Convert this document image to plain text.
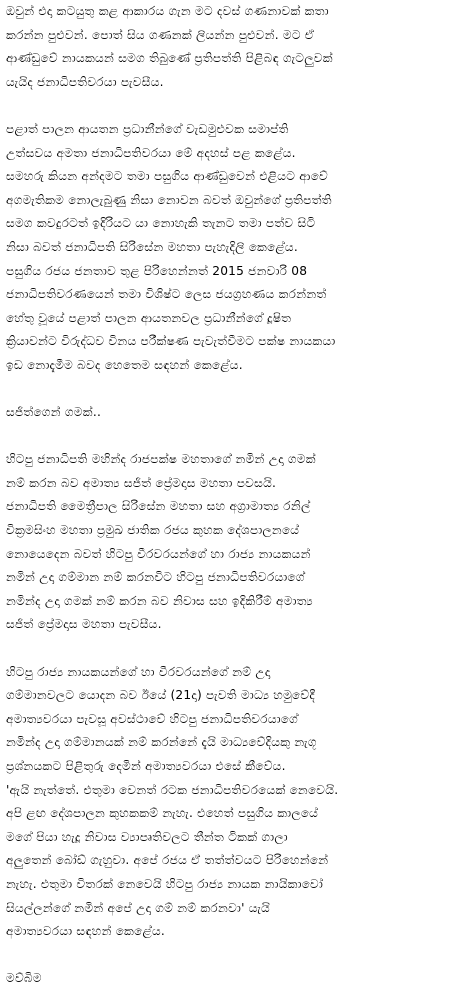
ඔවුන් එදා කටයුතු කළ ආකාරය ගැන මට දවස් ගණනාවක් කතා
කරන්න පුළුවන්. පොත් සිය ගණනක් ලියන්න පුළුවන්. මට ඒ
ආණ්ඩුවේ නායකයන් සමග තිබුණේ ප්‍රතිපත්ති පිළිබඳ ගැටලුවක්
යැයිද ජනාධිපතිවරයා පැවසීය.

පළාත් පාලන ආයතන ප්‍රධානීන්ගේ වැඩමුළුවක සමාප්ති
උත්සවය අමතා ජනාධිපතිවරයා මේ අදහස් පළ කළේය.
සමහරු කියන අන්දමට තමා පසුගිය ආණ්ඩුවෙන් එළියට ආවේ
අගමැතිකම නොලැබුණු නිසා නොවන බවත් ඔවුන්ගේ ප්‍රතිපත්ති
සමග කවදුරටත් ඉදිරියට යා නොහැකි තැනට තමා පත්ව සිටි
නිසා බවත් ජනාධිපති සිරිසේන මහතා පැහැදිලි කෙළේය.
පසුගිය රජය ජනතාව තුළ පිරිහෙන්නත් 2015 ජනවාරි 08
ජනාධිපතිවරණයෙන් තමා විශිෂ්ට ලෙස ජයග්‍රහණය කරන්නත්
හේතු වූයේ පළාත් පාලන ආයතනවල ප්‍රධානීන්ගේ දූෂිත
ක්‍රියාවන්ට විරුද්ධව විනය පරීක්ෂණ පැවැත්වීමට පක්ෂ නායකයා
ඉඩ නොදැමීම බවද හෙතෙම සඳහන් කෙළේය.

සජිත්ගෙන් ගමක්..

හිටපු ජනාධිපති මහින්ද රාජපක්ෂ මහතාගේ නමින් උදා ගමක්
නම් කරන බව අමාත්‍ය සජිත් ප්‍රේමදාස මහතා පවසයි.
ජනාධිපති මෛත්‍රීපාල සිරිසේන මහතා සහ අග්‍රාමාත්‍ය රනිල්
වික්‍රමසිංහ මහතා ප්‍රමුඛ ජාතික රජය කුහක දේශපාලනයේ
නොයෙදෙන බවත් හිටපු වීරවරයන්ගේ හා රාජ්‍ය නායකයන්
නමින් උදා ගම්මාන නම් කරනවිට හිටපු ජනාධිපතිවරයාගේ
නමින්ද උදා ගමක් නම් කරන බව නිවාස සහ ඉදිකිරීම් අමාත්‍ය
සජිත් ප්‍රේමදාස මහතා පැවසීය.

හිටපු රාජ්‍ය නායකයන්ගේ හා වීරවරයන්ගේ නම් උදා
ගම්මානවලට යොදන බව ඊයේ (21දා) පැවති මාධ්‍ය හමුවේදී
අමාත්‍යවරයා පැවසූ අවස්ථාවේ හිටපු ජනාධිපතිවරයාගේ
නමින්ද උදා ගම්මානයක් නම් කරන්නේ දැයි මාධ්‍යවේදියකු නැගූ
ප්‍රශ්නයකට පිළිතුරු දෙමින් අමාත්‍යවරයා එසේ කීවේය.
'ඇයි නැත්තේ. එතුමා වෙනත් රටක ජනාධිපතිවරයෙක් නෙවෙයි.
අපි ළඟ දේශපාලන කුහකකම් නැහැ. එහෙත් පසුගිය කාලයේ
මගේ පියා හැදූ නිවාස ව්‍යාපෘතිවලට තීන්ත ටිකක් ගාලා
අලුතෙන් බෝඩ් ගැහුවා. අපේ රජය ඒ තත්ත්වයට පිරිහෙන්නේ
නැහැ. එතුමා විතරක් නෙවෙයි හිටපු රාජ්‍ය නායක නායිකාවෝ
සියල්ලන්ගේ නමින් අපේ උදා ගම් නම් කරනවා' යැයි
අමාත්‍යවරයා සඳහන් කෙළේය.

මව්බිම
